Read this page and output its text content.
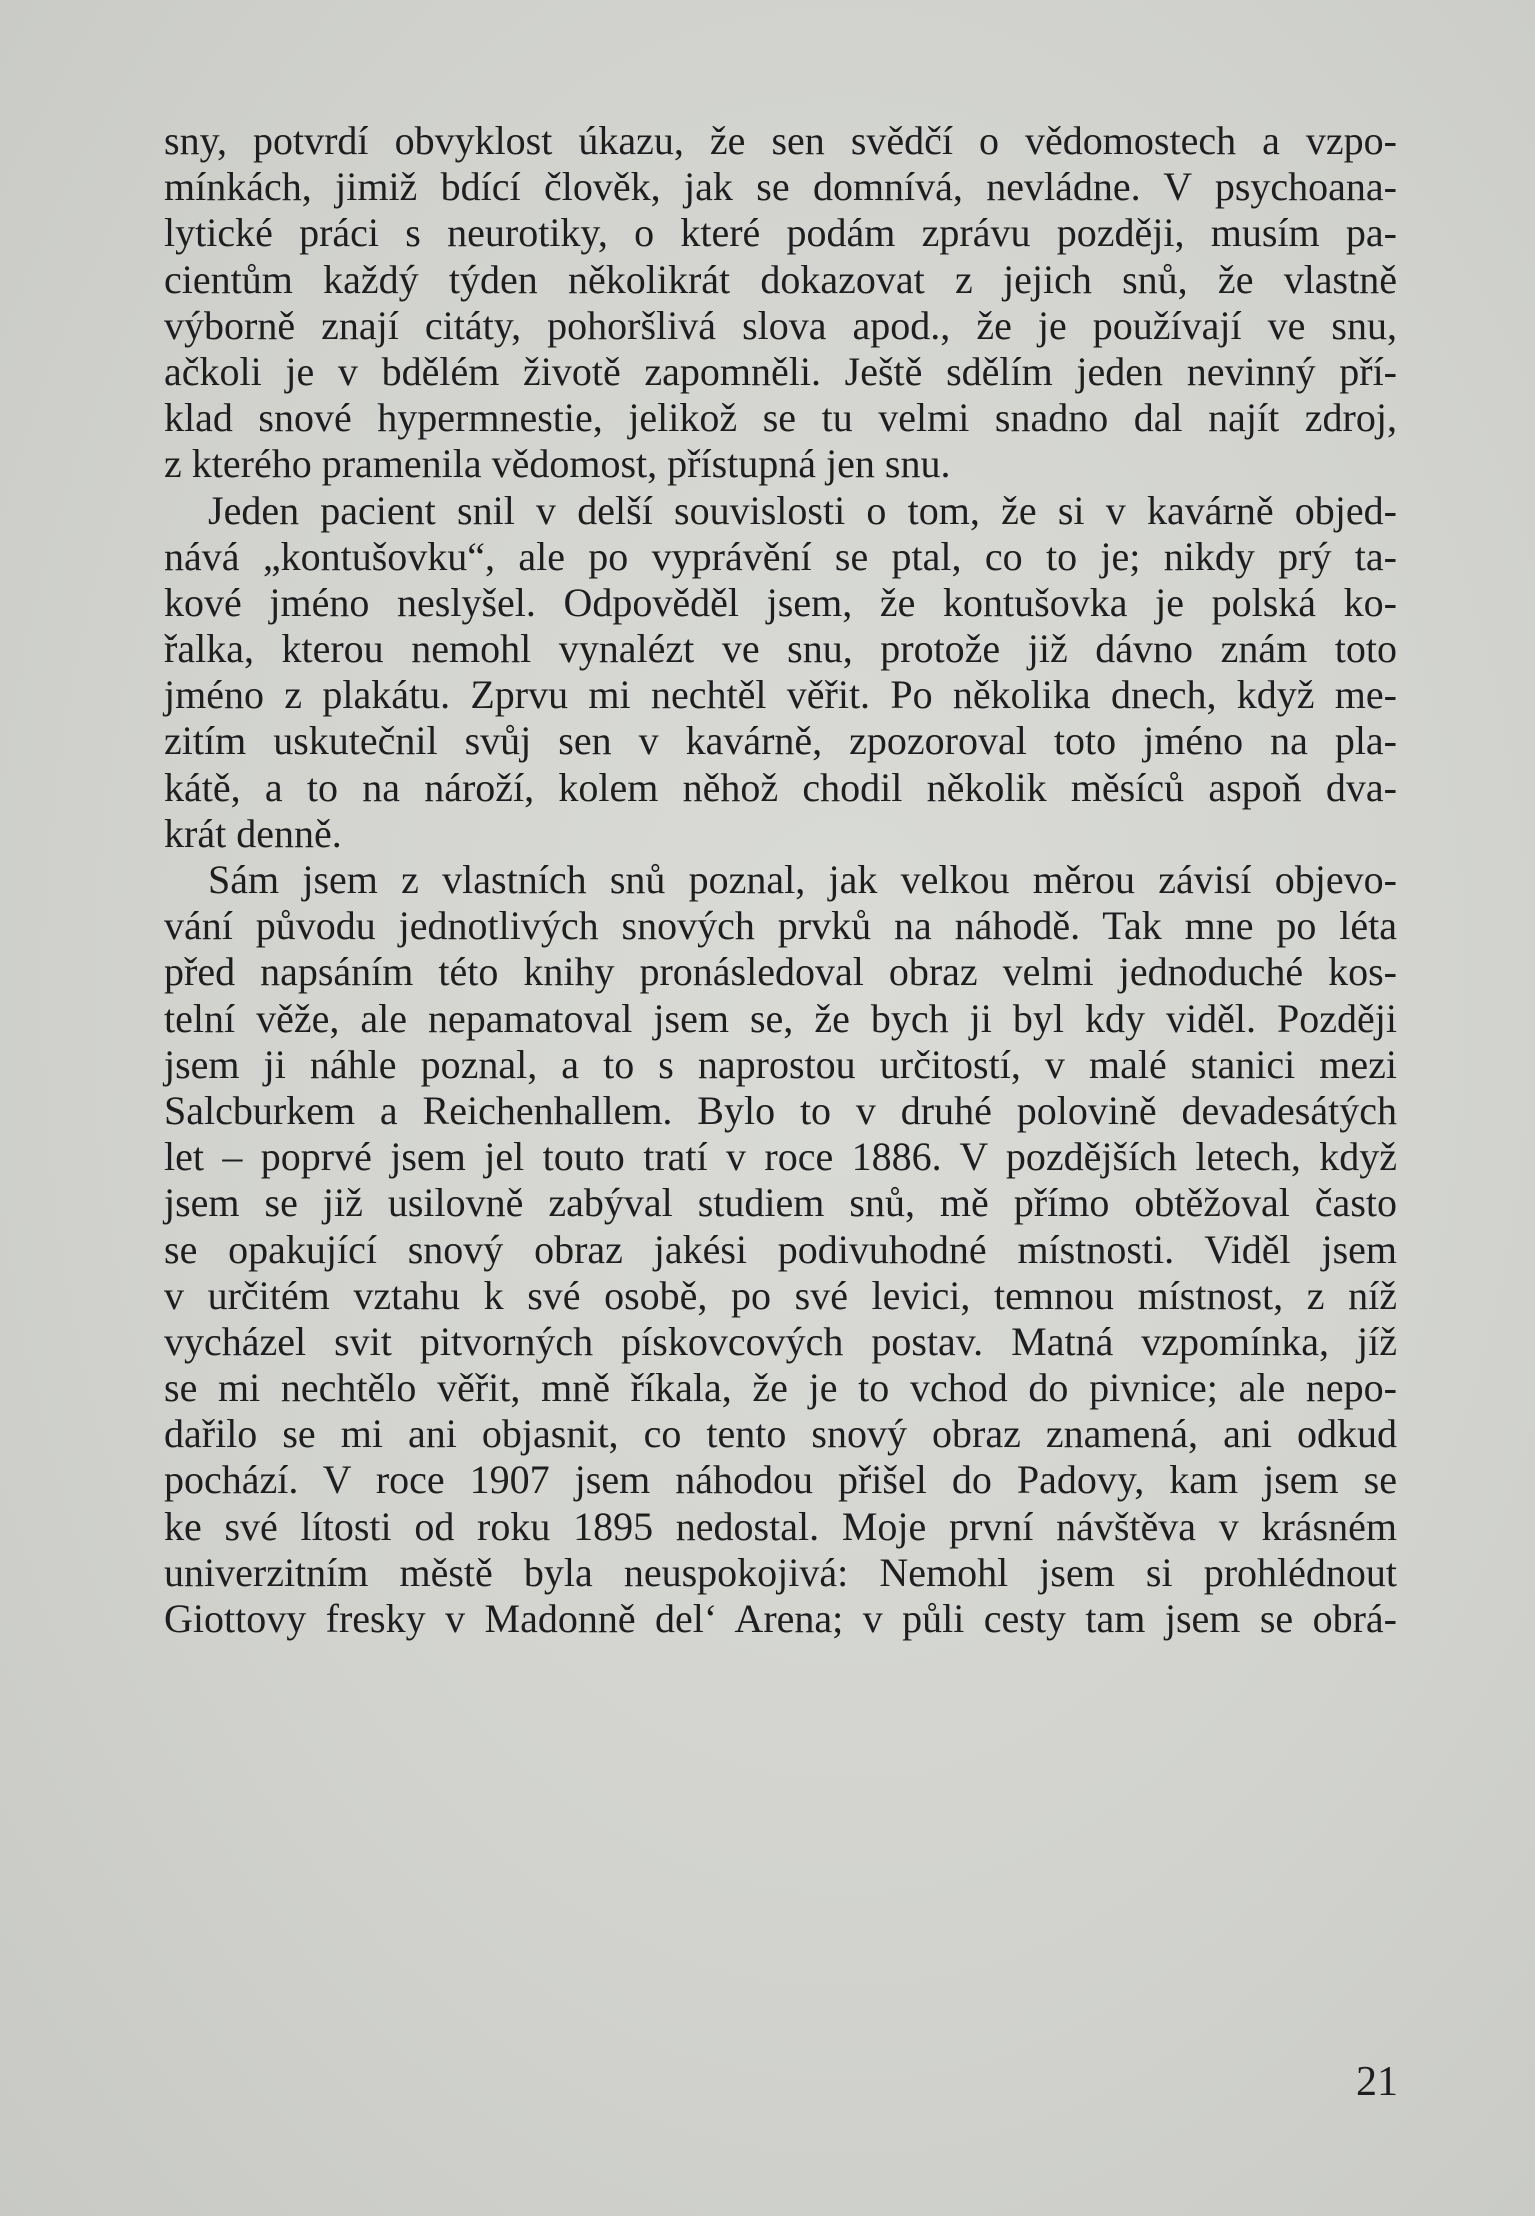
sny, potvrdí obvyklost úkazu, že sen svědčí o vědomostech a vzpo-
mínkách, jimiž bdící člověk, jak se domnívá, nevládne. V psychoana-
lytické práci s neurotiky, o které podám zprávu později, musím pa-
cientům každý týden několikrát dokazovat z jejich snů, že vlastně
výborně znají citáty, pohoršlivá slova apod., že je používají ve snu,
ačkoli je v bdělém životě zapomněli. Ještě sdělím jeden nevinný pří-
klad snové hypermnestie, jelikož se tu velmi snadno dal najít zdroj,
z kterého pramenila vědomost, přístupná jen snu.

Jeden pacient snil v delší souvislosti o tom, že si v kavárně objed-
nává „kontušovku“, ale po vyprávění se ptal, co to je; nikdy prý ta-
kové jméno neslyšel. Odpověděl jsem, že kontušovka je polská ko-
řalka, kterou nemohl vynalézt ve snu, protože již dávno znám toto
jméno z plakátu. Zprvu mi nechtěl věřit. Po několika dnech, když me-
zitím uskutečnil svůj sen v kavárně, zpozoroval toto jméno na pla-
kátě, a to na nároží, kolem něhož chodil několik měsíců aspoň dva-
krát denně.

Sám jsem z vlastních snů poznal, jak velkou měrou závisí objevo-
vání původu jednotlivých snových prvků na náhodě. Tak mne po léta
před napsáním této knihy pronásledoval obraz velmi jednoduché kos-
telní věže, ale nepamatoval jsem se, že bych ji byl kdy viděl. Později
jsem ji náhle poznal, a to s naprostou určitostí, v malé stanici mezi
Salcburkem a Reichenhallem. Bylo to v druhé polovině devadesátých
let – poprvé jsem jel touto tratí v roce 1886. V pozdějších letech, když
jsem se již usilovně zabýval studiem snů, mě přímo obtěžoval často
se opakující snový obraz jakési podivuhodné místnosti. Viděl jsem
v určitém vztahu k své osobě, po své levici, temnou místnost, z níž
vycházel svit pitvorných pískovcových postav. Matná vzpomínka, jíž
se mi nechtělo věřit, mně říkala, že je to vchod do pivnice; ale nepo-
dařilo se mi ani objasnit, co tento snový obraz znamená, ani odkud
pochází. V roce 1907 jsem náhodou přišel do Padovy, kam jsem se
ke své lítosti od roku 1895 nedostal. Moje první návštěva v krásném
univerzitním městě byla neuspokojivá: Nemohl jsem si prohlédnout
Giottovy fresky v Madonně del‘ Arena; v půli cesty tam jsem se obrá-

21
